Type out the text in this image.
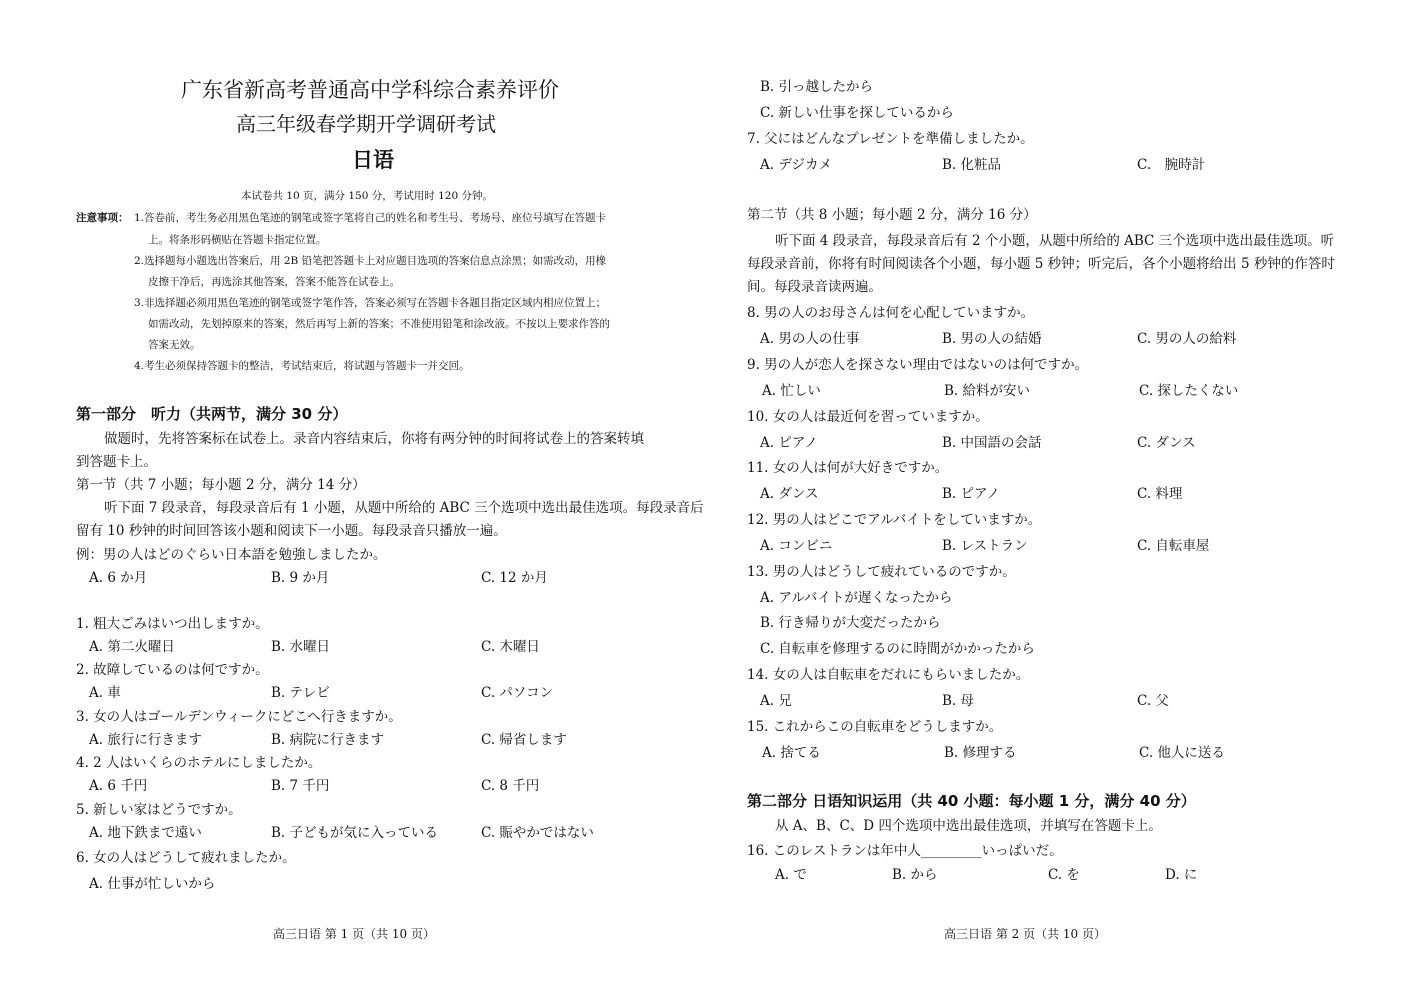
广东省新高考普通高中学科综合素养评价
高三年级春学期开学调研考试
日语
本试卷共 10 页，满分 150 分，考试用时 120 分钟。
注意事项： 1.答卷前，考生务必用黑色笔迹的钢笔或签字笔将自己的姓名和考生号、考场号、座位号填写在答题卡
上。将条形码横贴在答题卡指定位置。
2.选择题每小题选出答案后，用 2B 铅笔把答题卡上对应题目选项的答案信息点涂黑；如需改动，用橡
皮擦干净后，再选涂其他答案，答案不能答在试卷上。
3.非选择题必须用黑色笔迹的钢笔或签字笔作答，答案必须写在答题卡各题目指定区域内相应位置上；
如需改动，先划掉原来的答案，然后再写上新的答案；不准使用铅笔和涂改液。不按以上要求作答的
答案无效。
4.考生必须保持答题卡的整洁，考试结束后，将试题与答题卡一并交回。
第一部分　听力（共两节，满分 30 分）
做题时，先将答案标在试卷上。录音内容结束后，你将有两分钟的时间将试卷上的答案转填
到答题卡上。
第一节（共 7 小题；每小题 2 分，满分 14 分）
听下面 7 段录音，每段录音后有 1 小题，从题中所给的 ABC 三个选项中选出最佳选项。每段录音后
留有 10 秒钟的时间回答该小题和阅读下一小题。每段录音只播放一遍。
例：男の人はどのぐらい日本語を勉強しましたか。
A. 6 か月	B. 9 か月	C. 12 か月
1. 粗大ごみはいつ出しますか。
A. 第二火曜日	B. 水曜日	C. 木曜日
2. 故障しているのは何ですか。
A. 車	B. テレビ	C. パソコン
3. 女の人はゴールデンウィークにどこへ行きますか。
A. 旅行に行きます	B. 病院に行きます	C. 帰省します
4. 2 人はいくらのホテルにしましたか。
A. 6 千円	B. 7 千円	C. 8 千円
5. 新しい家はどうですか。
A. 地下鉄まで遠い	B. 子どもが気に入っている	C. 賑やかではない
6. 女の人はどうして疲れましたか。
A. 仕事が忙しいから
高三日语 第 1 页（共 10 页）
B. 引っ越したから
C. 新しい仕事を探しているから
7. 父にはどんなプレゼントを準備しましたか。
A. デジカメ	B. 化粧品	C.　腕時計
第二节（共 8 小题；每小题 2 分，满分 16 分）
听下面 4 段录音，每段录音后有 2 个小题，从题中所给的 ABC 三个选项中选出最佳选项。听
每段录音前，你将有时间阅读各个小题，每小题 5 秒钟；听完后，各个小题将给出 5 秒钟的作答时
间。每段录音读两遍。
8. 男の人のお母さんは何を心配していますか。
A. 男の人の仕事	B. 男の人の結婚	C. 男の人の給料
9. 男の人が恋人を探さない理由ではないのは何ですか。
A. 忙しい	B. 給料が安い	C. 探したくない
10. 女の人は最近何を習っていますか。
A. ピアノ	B. 中国語の会話	C. ダンス
11. 女の人は何が大好きですか。
A. ダンス	B. ピアノ	C. 料理
12. 男の人はどこでアルバイトをしていますか。
A. コンビニ	B. レストラン	C. 自転車屋
13. 男の人はどうして疲れているのですか。
A. アルバイトが遅くなったから
B. 行き帰りが大変だったから
C. 自転車を修理するのに時間がかかったから
14. 女の人は自転車をだれにもらいましたか。
A. 兄	B. 母	C. 父
15. これからこの自転車をどうしますか。
A. 捨てる	B. 修理する	C. 他人に送る
第二部分 日语知识运用（共 40 小题：每小题 1 分，满分 40 分）
从 A、B、C、D 四个选项中选出最佳选项，并填写在答题卡上。
16. このレストランは年中人_________いっぱいだ。
A. で	B. から	C. を	D. に
高三日语 第 2 页（共 10 页）
